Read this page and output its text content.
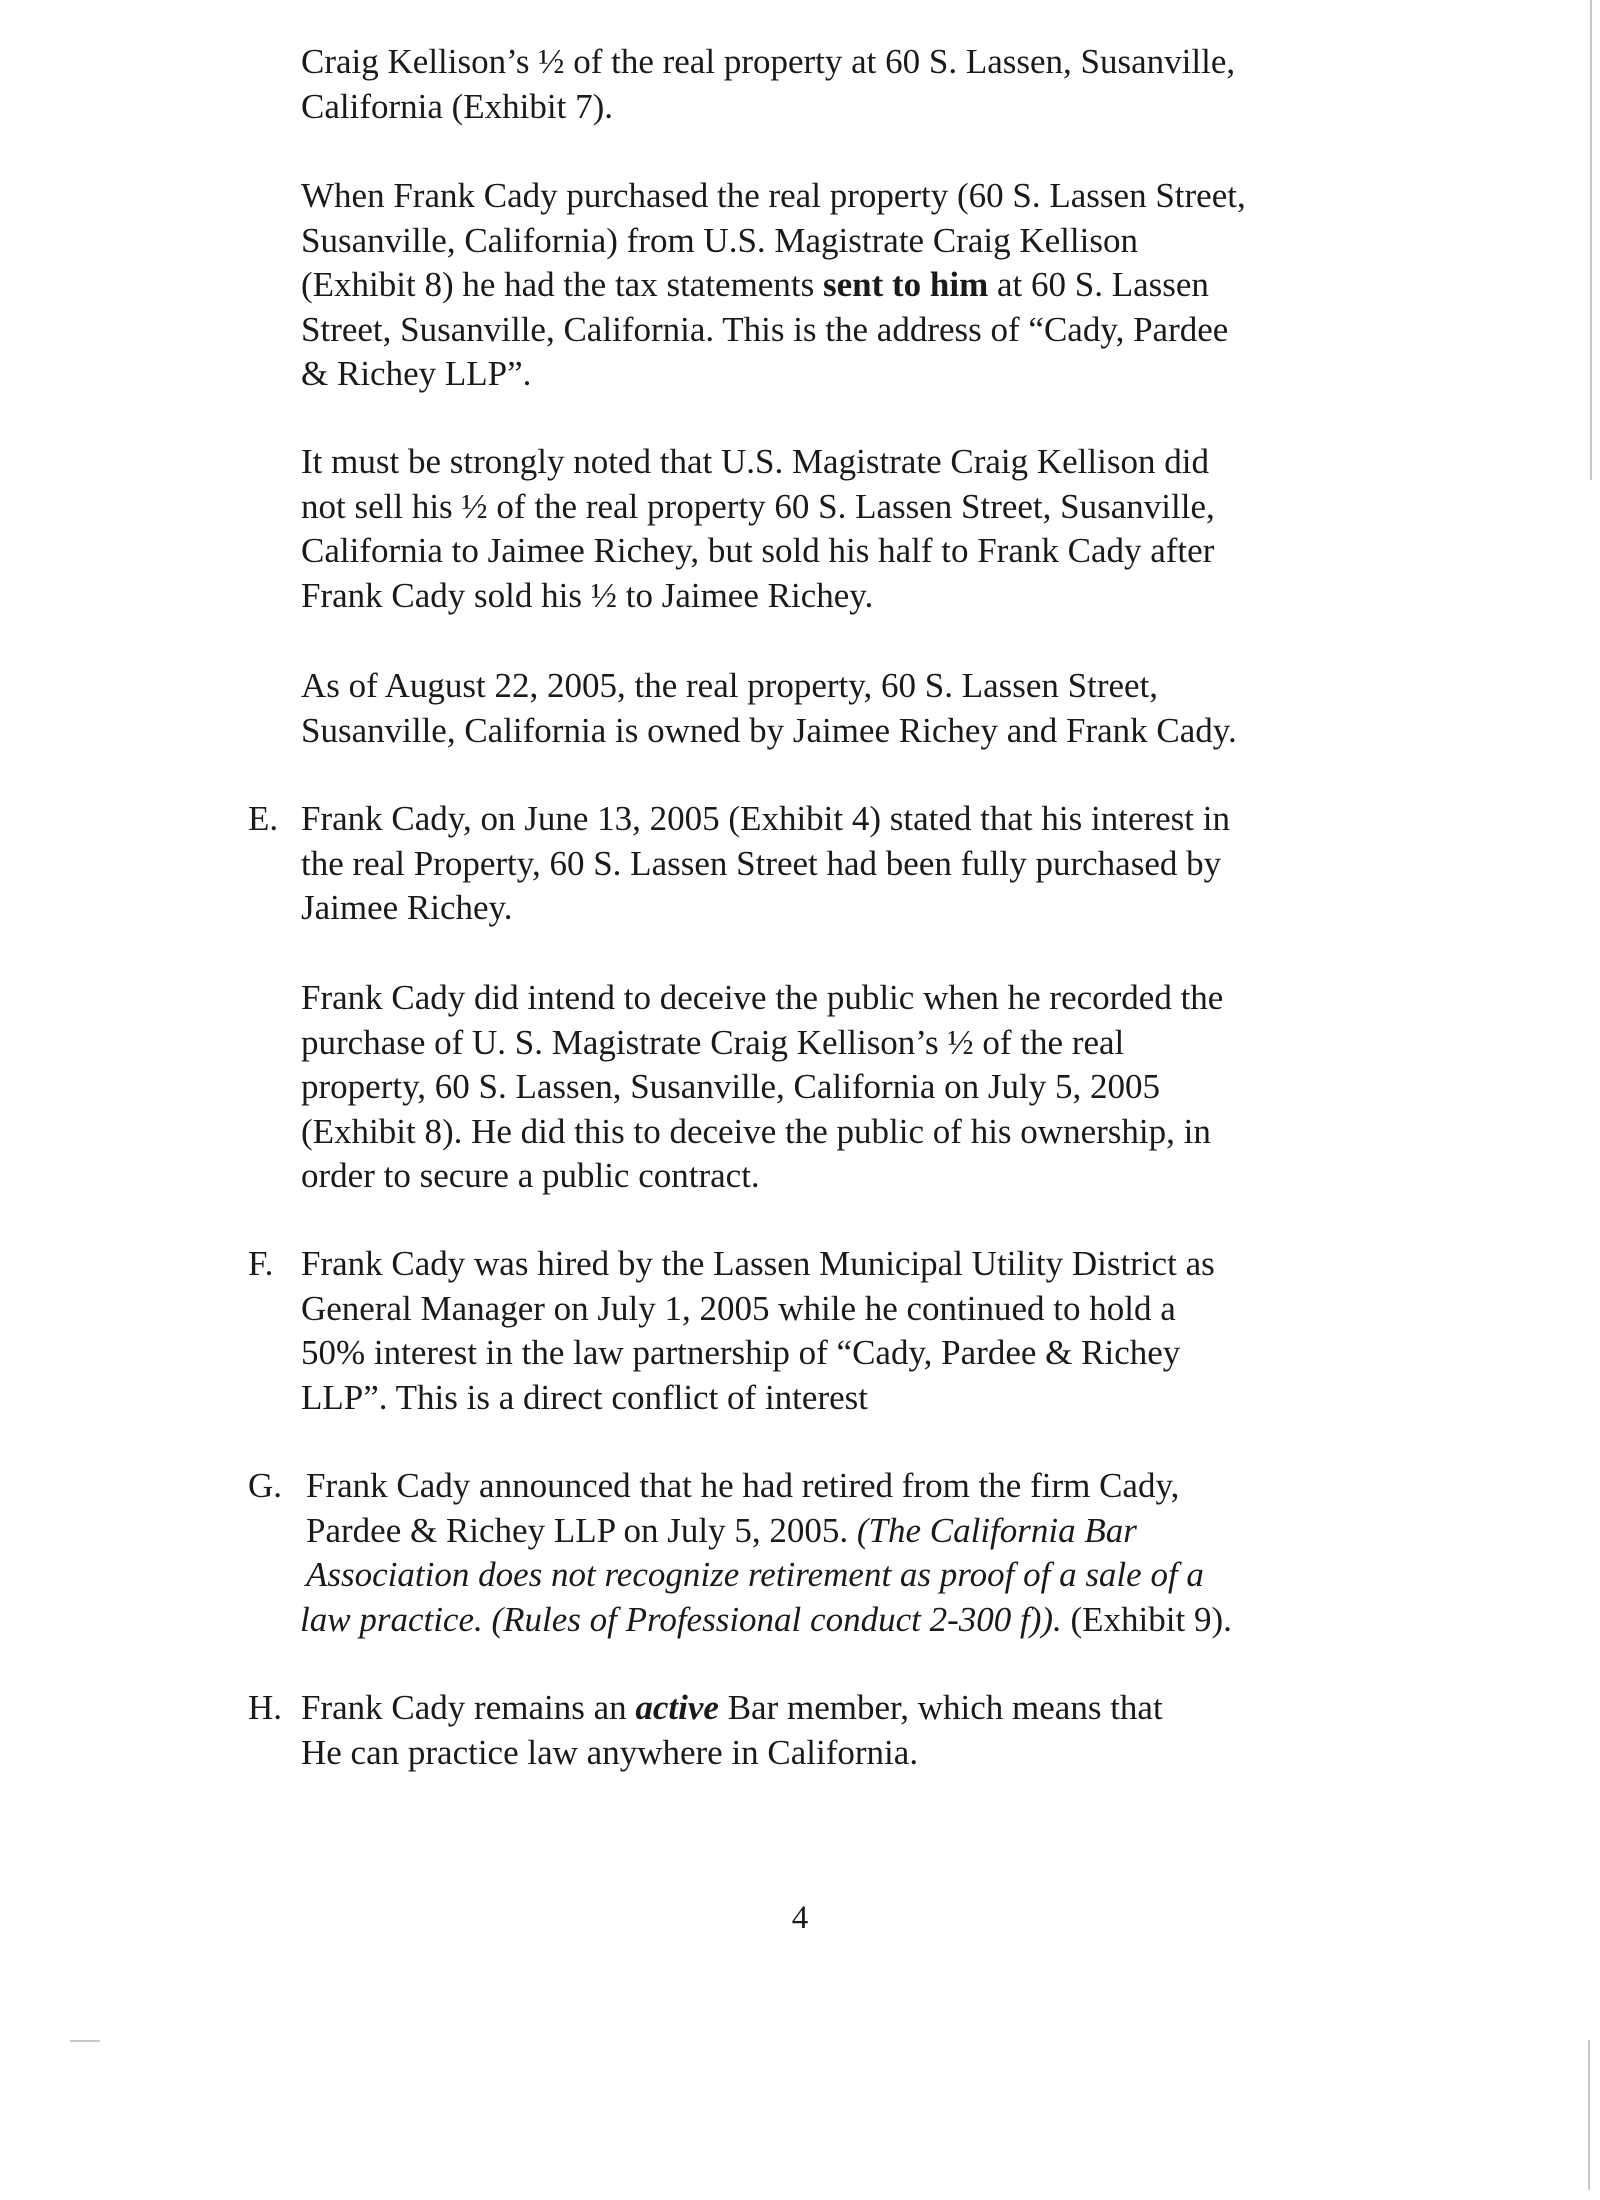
Craig Kellison’s ½ of the real property at 60 S. Lassen, Susanville,
California (Exhibit 7).

When Frank Cady purchased the real property (60 S. Lassen Street,
Susanville, California) from U.S. Magistrate Craig Kellison
(Exhibit 8) he had the tax statements sent to him at 60 S. Lassen
Street, Susanville, California. This is the address of “Cady, Pardee
& Richey LLP”.

It must be strongly noted that U.S. Magistrate Craig Kellison did
not sell his ½ of the real property 60 S. Lassen Street, Susanville,
California to Jaimee Richey, but sold his half to Frank Cady after
Frank Cady sold his ½ to Jaimee Richey.

As of August 22, 2005, the real property, 60 S. Lassen Street,
Susanville, California is owned by Jaimee Richey and Frank Cady.

E. Frank Cady, on June 13, 2005 (Exhibit 4) stated that his interest in
the real Property, 60 S. Lassen Street had been fully purchased by
Jaimee Richey.

Frank Cady did intend to deceive the public when he recorded the
purchase of U. S. Magistrate Craig Kellison’s ½ of the real
property, 60 S. Lassen, Susanville, California on July 5, 2005
(Exhibit 8). He did this to deceive the public of his ownership, in
order to secure a public contract.

F. Frank Cady was hired by the Lassen Municipal Utility District as
General Manager on July 1, 2005 while he continued to hold a
50% interest in the law partnership of “Cady, Pardee & Richey
LLP”. This is a direct conflict of interest
G. Frank Cady announced that he had retired from the firm Cady,
Pardee & Richey LLP on July 5, 2005. (The California Bar
Association does not recognize retirement as proof of a sale of a
law practice. (Rules of Professional conduct 2-300 f)). (Exhibit 9).
H. Frank Cady remains an active Bar member, which means that
He can practice law anywhere in California.
4
